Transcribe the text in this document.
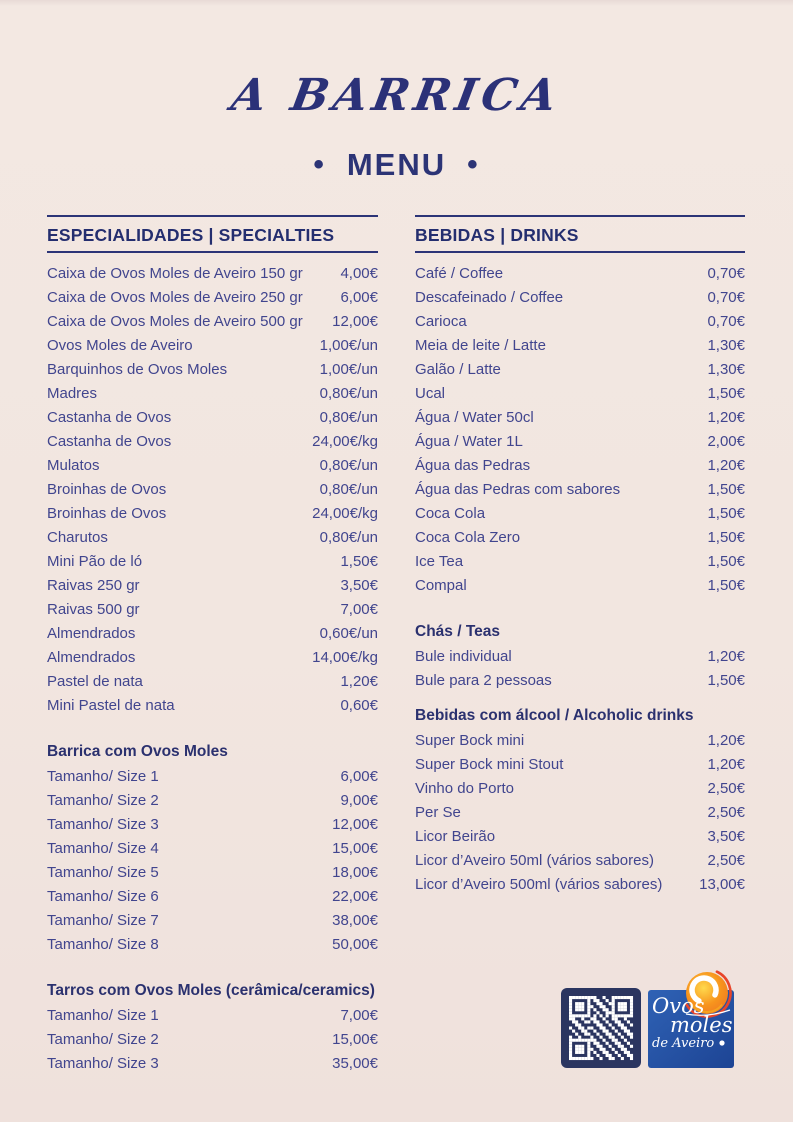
A BARRICA
• MENU •
ESPECIALIDADES | SPECIALTIES
Caixa de Ovos Moles de Aveiro 150 gr	4,00€
Caixa de Ovos Moles de Aveiro 250 gr	6,00€
Caixa de Ovos Moles de Aveiro 500 gr 12,00€
Ovos Moles de Aveiro	1,00€/un
Barquinhos de Ovos Moles	1,00€/un
Madres	0,80€/un
Castanha de Ovos	0,80€/un
Castanha de Ovos	24,00€/kg
Mulatos	0,80€/un
Broinhas de Ovos	0,80€/un
Broinhas de Ovos	24,00€/kg
Charutos	0,80€/un
Mini Pão de ló	1,50€
Raivas 250 gr	3,50€
Raivas 500 gr	7,00€
Almendrados	0,60€/un
Almendrados	14,00€/kg
Pastel de nata	1,20€
Mini Pastel de nata	0,60€
Barrica com Ovos Moles
Tamanho/ Size 1	6,00€
Tamanho/ Size 2	9,00€
Tamanho/ Size 3	12,00€
Tamanho/ Size 4	15,00€
Tamanho/ Size 5	18,00€
Tamanho/ Size 6	22,00€
Tamanho/ Size 7	38,00€
Tamanho/ Size 8	50,00€
Tarros com Ovos Moles (cerâmica/ceramics)
Tamanho/ Size 1	7,00€
Tamanho/ Size 2	15,00€
Tamanho/ Size 3	35,00€
BEBIDAS | DRINKS
Café / Coffee	0,70€
Descafeinado / Coffee	0,70€
Carioca	0,70€
Meia de leite / Latte	1,30€
Galão / Latte	1,30€
Ucal	1,50€
Água / Water 50cl	1,20€
Água / Water 1L	2,00€
Água das Pedras	1,20€
Água das Pedras com sabores	1,50€
Coca Cola	1,50€
Coca Cola Zero	1,50€
Ice Tea	1,50€
Compal	1,50€
Chás / Teas
Bule individual	1,20€
Bule para 2 pessoas	1,50€
Bebidas com álcool / Alcoholic drinks
Super Bock mini	1,20€
Super Bock mini Stout	1,20€
Vinho do Porto	2,50€
Per Se	2,50€
Licor Beirão	3,50€
Licor d’Aveiro 50ml (vários sabores)	2,50€
Licor d’Aveiro 500ml (vários sabores) 13,00€
Ovos
moles
de Aveiro
